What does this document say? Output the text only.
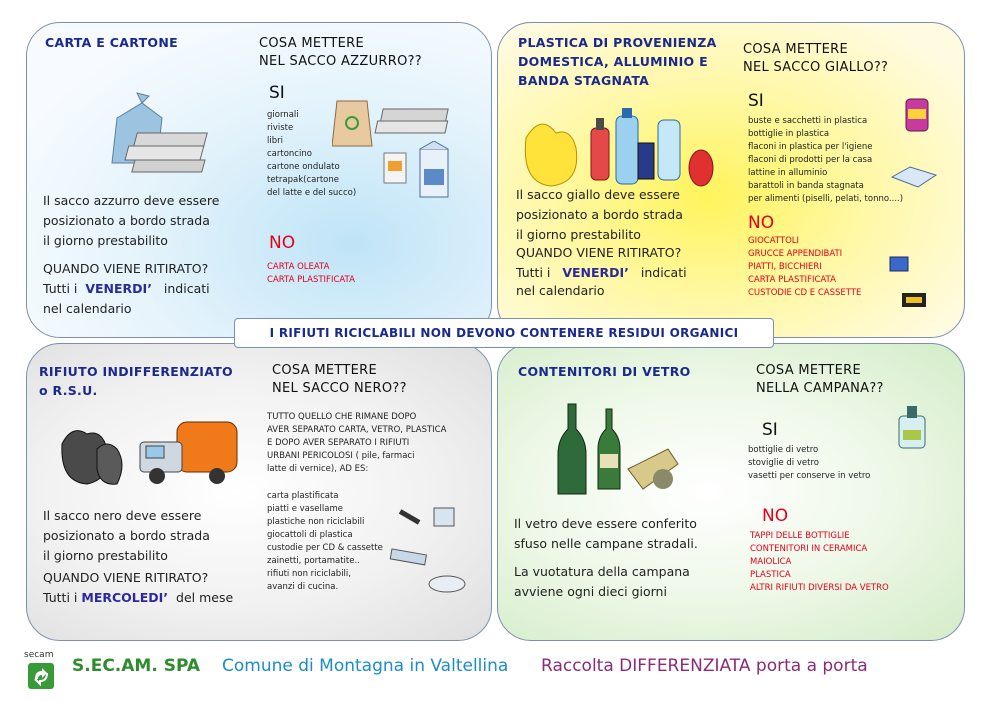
CARTA E CARTONE	COSA METTERE
NEL SACCO AZZURRO??
SI
giornali
riviste
libri
cartoncino
cartone ondulato
tetrapak(cartone
del latte e del succo)
NO
CARTA OLEATA
CARTA PLASTIFICATA
Il sacco azzurro deve essere
posizionato a bordo strada
il giorno prestabilito
QUANDO VIENE RITIRATO?
Tutti i VENERDI’ indicati
nel calendario
PLASTICA DI PROVENIENZA
DOMESTICA, ALLUMINIO E
BANDA STAGNATA
COSA METTERE
NEL SACCO GIALLO??
SI
buste e sacchetti in plastica
bottiglie in plastica
flaconi in plastica per l'igiene
flaconi di prodotti per la casa
lattine in alluminio
barattoli in banda stagnata
per alimenti (piselli, pelati, tonno....)
NO
GIOCATTOLI
GRUCCE APPENDIBATI
PIATTI, BICCHIERI
CARTA PLASTIFICATA
CUSTODIE CD E CASSETTE
Il sacco giallo deve essere
posizionato a bordo strada
il giorno prestabilito
QUANDO VIENE RITIRATO?
Tutti i VENERDI’ indicati
nel calendario
I RIFIUTI RICICLABILI NON DEVONO CONTENERE RESIDUI ORGANICI
RIFIUTO INDIFFERENZIATO
o R.S.U.
COSA METTERE
NEL SACCO NERO??
TUTTO QUELLO CHE RIMANE DOPO
AVER SEPARATO CARTA, VETRO, PLASTICA
E DOPO AVER SEPARATO I RIFIUTI
URBANI PERICOLOSI ( pile, farmaci
latte di vernice), AD ES:
carta plastificata
piatti e vasellame
plastiche non riciclabili
giocattoli di plastica
custodie per CD & cassette
zainetti, portamatite..
rifiuti non riciclabili,
avanzi di cucina.
Il sacco nero deve essere
posizionato a bordo strada
il giorno prestabilito
QUANDO VIENE RITIRATO?
Tutti i MERCOLEDI’ del mese
CONTENITORI DI VETRO	COSA METTERE
NELLA CAMPANA??
SI
bottiglie di vetro
stoviglie di vetro
vasetti per conserve in vetro
NO
TAPPI DELLE BOTTIGLIE
CONTENITORI IN CERAMICA
MAIOLICA
PLASTICA
ALTRI RIFIUTI DIVERSI DA VETRO
Il vetro deve essere conferito
sfuso nelle campane stradali.
La vuotatura della campana
avviene ogni dieci giorni
secam
S.EC.AM. SPA Comune di Montagna in Valtellina Raccolta DIFFERENZIATA porta a porta
